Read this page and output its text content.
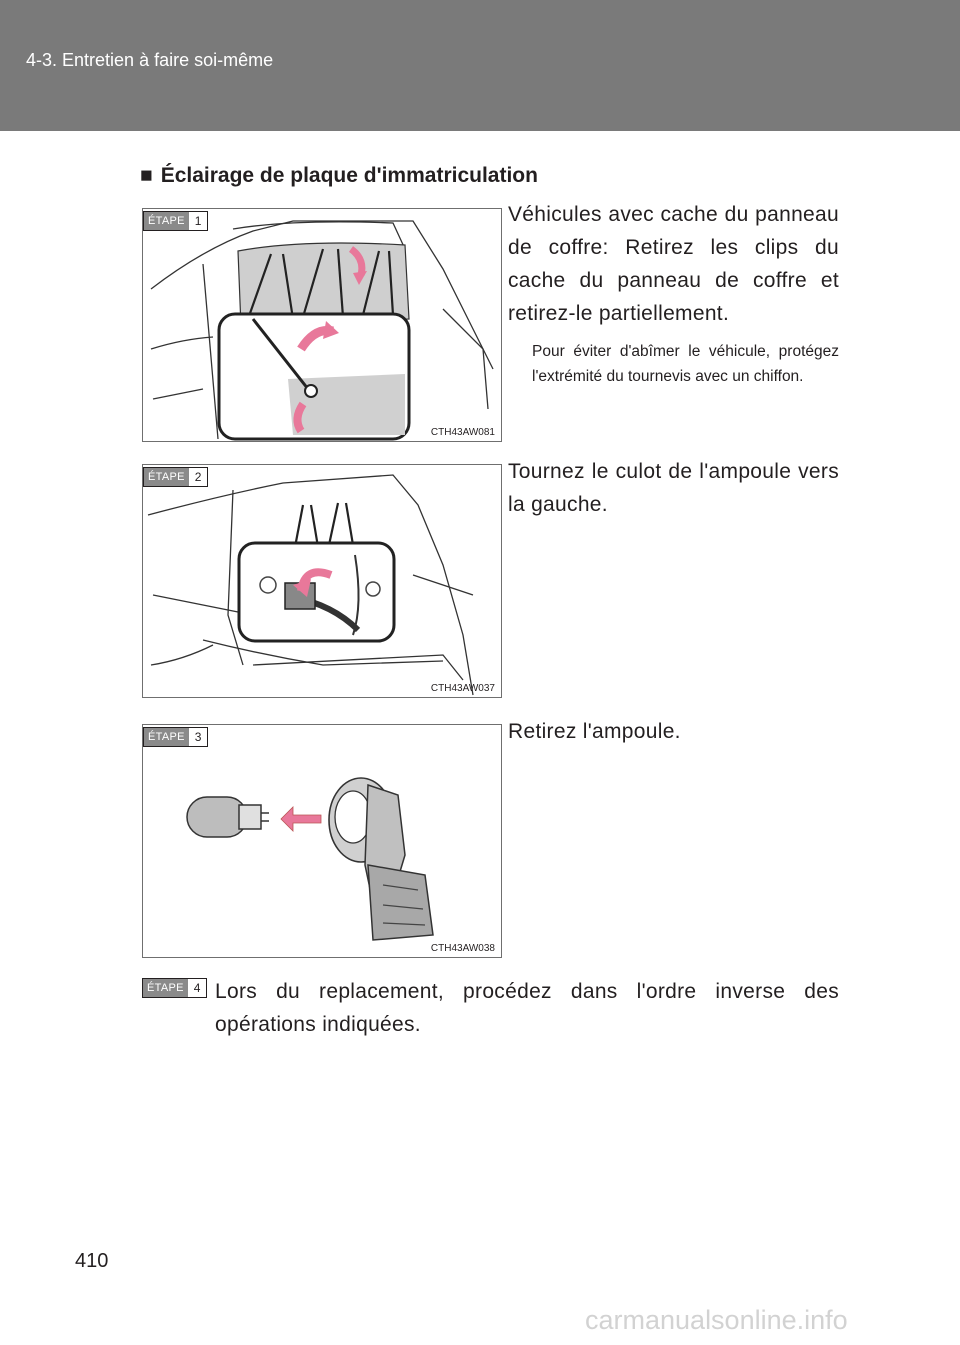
4-3. Entretien à faire soi-même
■ Éclairage de plaque d'immatriculation
ÉTAPE 1
CTH43AW081
Véhicules avec cache du panneau de coffre: Retirez les clips du cache du panneau de coffre et retirez-le partiellement.
Pour éviter d'abîmer le véhicule, protégez l'extrémité du tournevis avec un chiffon.
ÉTAPE 2
CTH43AW037
Tournez le culot de l'ampoule vers la gauche.
ÉTAPE 3
CTH43AW038
Retirez l'ampoule.
ÉTAPE 4 Lors du replacement, procédez dans l'ordre inverse des opérations indiquées.
410
carmanualsonline.info
